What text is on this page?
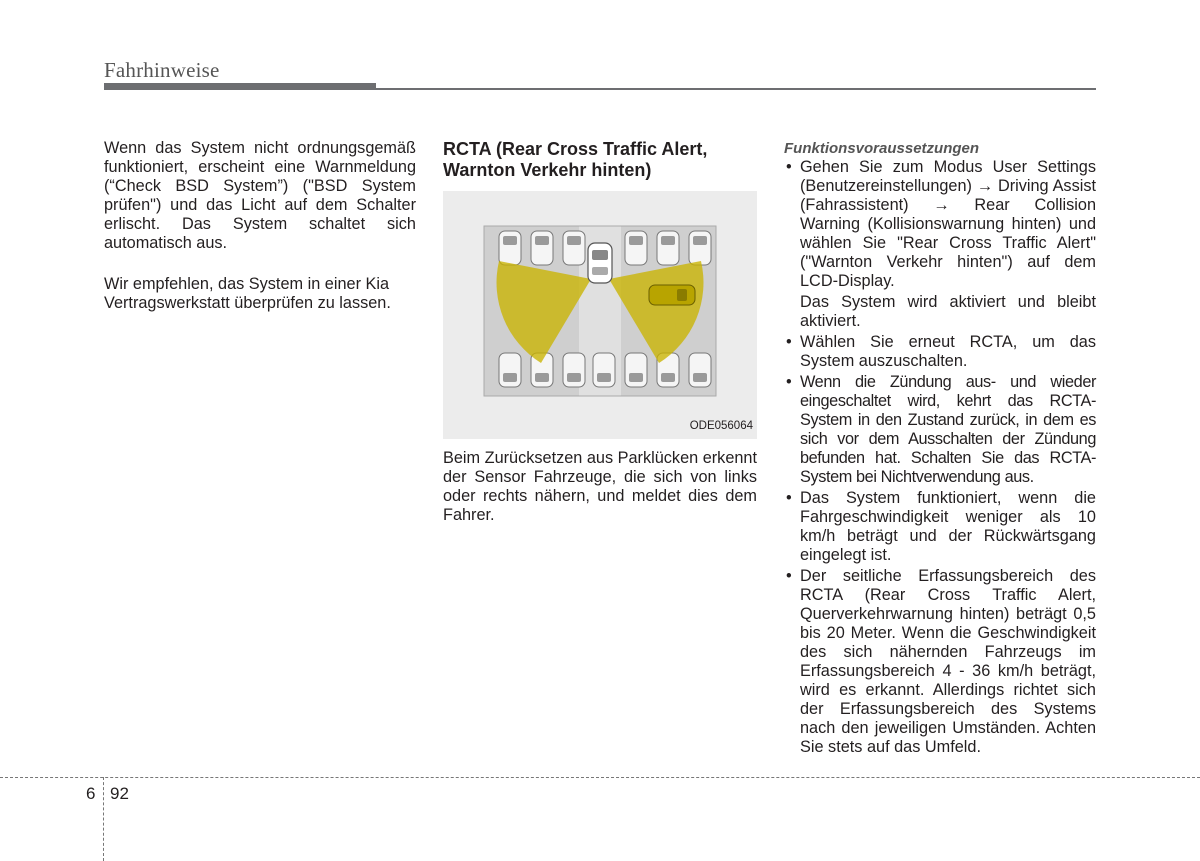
Fahrhinweise

Wenn das System nicht ordnungsgemäß funktioniert, erscheint eine Warnmeldung (“Check BSD System”) ("BSD System prüfen") und das Licht auf dem Schalter erlischt. Das System schaltet sich automatisch aus.

Wir empfehlen, das System in einer Kia Vertragswerkstatt überprüfen zu lassen.

RCTA (Rear Cross Traffic Alert,
Warnton Verkehr hinten)
ODE056064

Beim Zurücksetzen aus Parklücken erkennt der Sensor Fahrzeuge, die sich von links oder rechts nähern, und meldet dies dem Fahrer.

Funktionsvoraussetzungen

• Gehen Sie zum Modus User Settings (Benutzereinstellungen) → Driving Assist (Fahrassistent) → Rear Collision Warning (Kollisionswarnung hinten) und wählen Sie "Rear Cross Traffic Alert" ("Warnton Verkehr hinten") auf dem LCD-Display.
Das System wird aktiviert und bleibt aktiviert.
• Wählen Sie erneut RCTA, um das System auszuschalten.
• Wenn die Zündung aus- und wieder eingeschaltet wird, kehrt das RCTA-System in den Zustand zurück, in dem es sich vor dem Ausschalten der Zündung befunden hat. Schalten Sie das RCTA-System bei Nichtverwendung aus.
• Das System funktioniert, wenn die Fahrgeschwindigkeit weniger als 10 km/h beträgt und der Rückwärtsgang eingelegt ist.
• Der seitliche Erfassungsbereich des RCTA (Rear Cross Traffic Alert, Querverkehrwarnung hinten) beträgt 0,5 bis 20 Meter. Wenn die Geschwindigkeit des sich nähernden Fahrzeugs im Erfassungsbereich 4 - 36 km/h beträgt, wird es erkannt. Allerdings richtet sich der Erfassungsbereich des Systems nach den jeweiligen Umständen. Achten Sie stets auf das Umfeld.
6 92
